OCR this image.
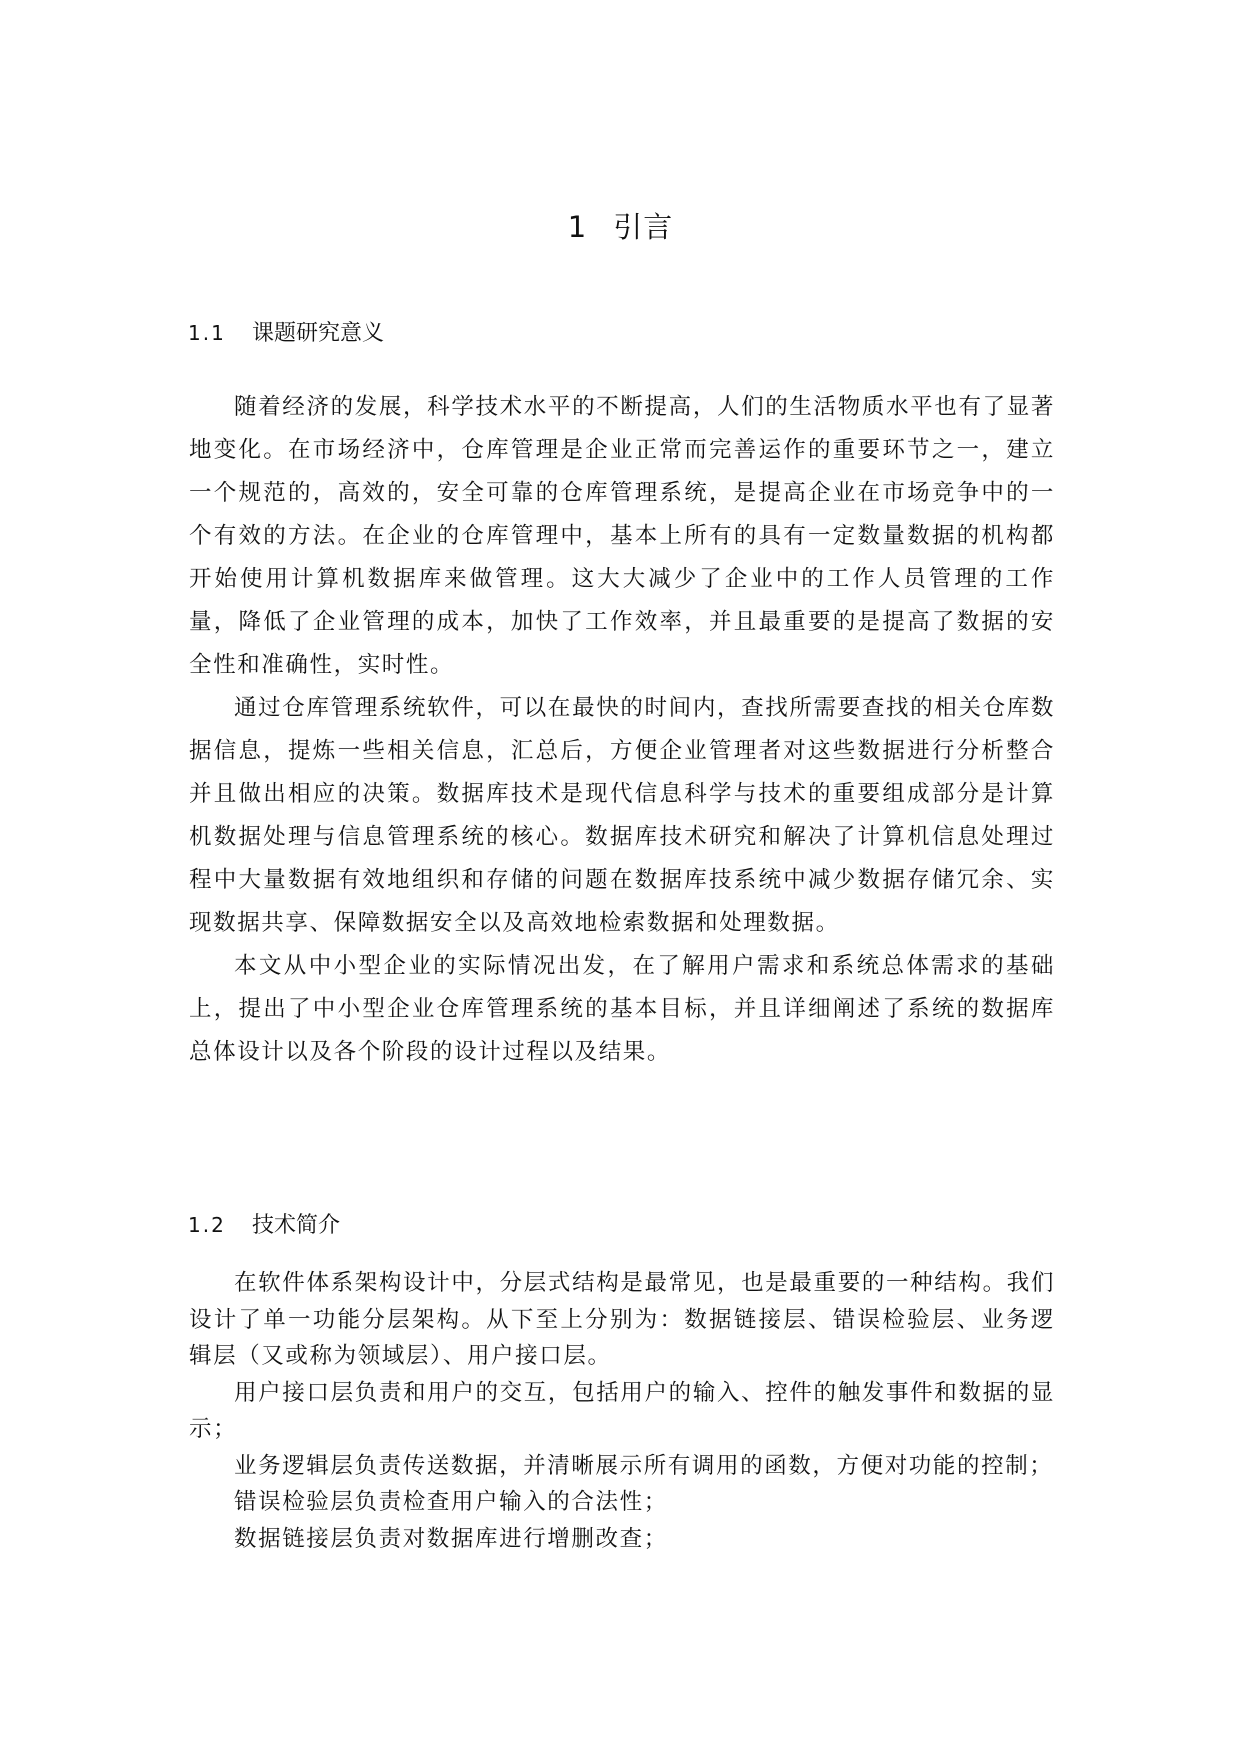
1 引言
1.1 课题研究意义

随着经济的发展，科学技术水平的不断提高，人们的生活物质水平也有了显著地变化。在市场经济中，仓库管理是企业正常而完善运作的重要环节之一，建立一个规范的，高效的，安全可靠的仓库管理系统，是提高企业在市场竞争中的一个有效的方法。在企业的仓库管理中，基本上所有的具有一定数量数据的机构都开始使用计算机数据库来做管理。这大大减少了企业中的工作人员管理的工作量，降低了企业管理的成本，加快了工作效率，并且最重要的是提高了数据的安全性和准确性，实时性。

通过仓库管理系统软件，可以在最快的时间内，查找所需要查找的相关仓库数据信息，提炼一些相关信息，汇总后，方便企业管理者对这些数据进行分析整合并且做出相应的决策。数据库技术是现代信息科学与技术的重要组成部分是计算机数据处理与信息管理系统的核心。数据库技术研究和解决了计算机信息处理过程中大量数据有效地组织和存储的问题在数据库技系统中减少数据存储冗余、实现数据共享、保障数据安全以及高效地检索数据和处理数据。

本文从中小型企业的实际情况出发，在了解用户需求和系统总体需求的基础上，提出了中小型企业仓库管理系统的基本目标，并且详细阐述了系统的数据库总体设计以及各个阶段的设计过程以及结果。

1.2 技术简介

在软件体系架构设计中，分层式结构是最常见，也是最重要的一种结构。我们设计了单一功能分层架构。从下至上分别为：数据链接层、错误检验层、业务逻辑层（又或称为领域层）、用户接口层。

用户接口层负责和用户的交互，包括用户的输入、控件的触发事件和数据的显示；

业务逻辑层负责传送数据，并清晰展示所有调用的函数，方便对功能的控制；

错误检验层负责检查用户输入的合法性；

数据链接层负责对数据库进行增删改查；
